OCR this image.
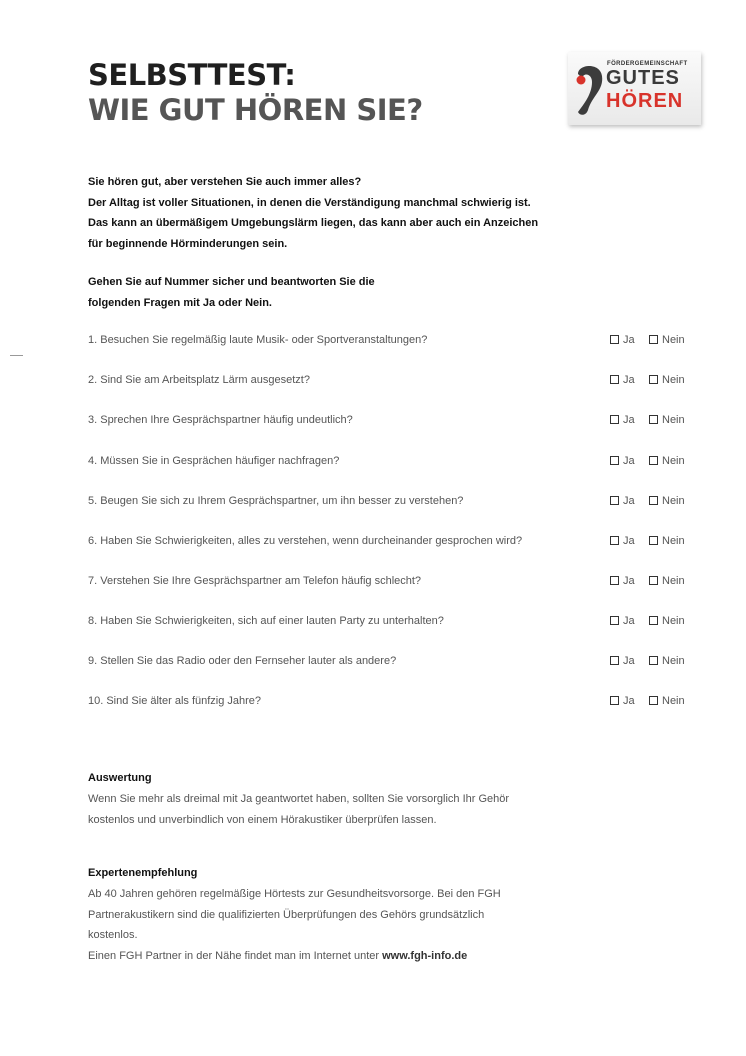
SELBSTTEST:
WIE GUT HÖREN SIE?
FÖRDERGEMEINSCHAFT
GUTES
HÖREN

Sie hören gut, aber verstehen Sie auch immer alles?

Der Alltag ist voller Situationen, in denen die Verständigung manchmal schwierig ist.

Das kann an übermäßigem Umgebungslärm liegen, das kann aber auch ein Anzeichen

für beginnende Hörminderungen sein.

Gehen Sie auf Nummer sicher und beantworten Sie die

folgenden Fragen mit Ja oder Nein.

1. Besuchen Sie regelmäßig laute Musik- oder Sportveranstaltungen?	Ja	Nein
2. Sind Sie am Arbeitsplatz Lärm ausgesetzt?	Ja	Nein
3. Sprechen Ihre Gesprächspartner häufig undeutlich?	Ja	Nein
4. Müssen Sie in Gesprächen häufiger nachfragen?	Ja	Nein
5. Beugen Sie sich zu Ihrem Gesprächspartner, um ihn besser zu verstehen?	Ja	Nein
6. Haben Sie Schwierigkeiten, alles zu verstehen, wenn durcheinander gesprochen wird?	Ja	Nein
7. Verstehen Sie Ihre Gesprächspartner am Telefon häufig schlecht?	Ja	Nein
8. Haben Sie Schwierigkeiten, sich auf einer lauten Party zu unterhalten?	Ja	Nein
9. Stellen Sie das Radio oder den Fernseher lauter als andere?	Ja	Nein
10. Sind Sie älter als fünfzig Jahre?	Ja	Nein
Auswertung

Wenn Sie mehr als dreimal mit Ja geantwortet haben, sollten Sie vorsorglich Ihr Gehör

kostenlos und unverbindlich von einem Hörakustiker überprüfen lassen.

Expertenempfehlung

Ab 40 Jahren gehören regelmäßige Hörtests zur Gesundheitsvorsorge. Bei den FGH

Partnerakustikern sind die qualifizierten Überprüfungen des Gehörs grundsätzlich

kostenlos.

Einen FGH Partner in der Nähe findet man im Internet unter www.fgh-info.de
